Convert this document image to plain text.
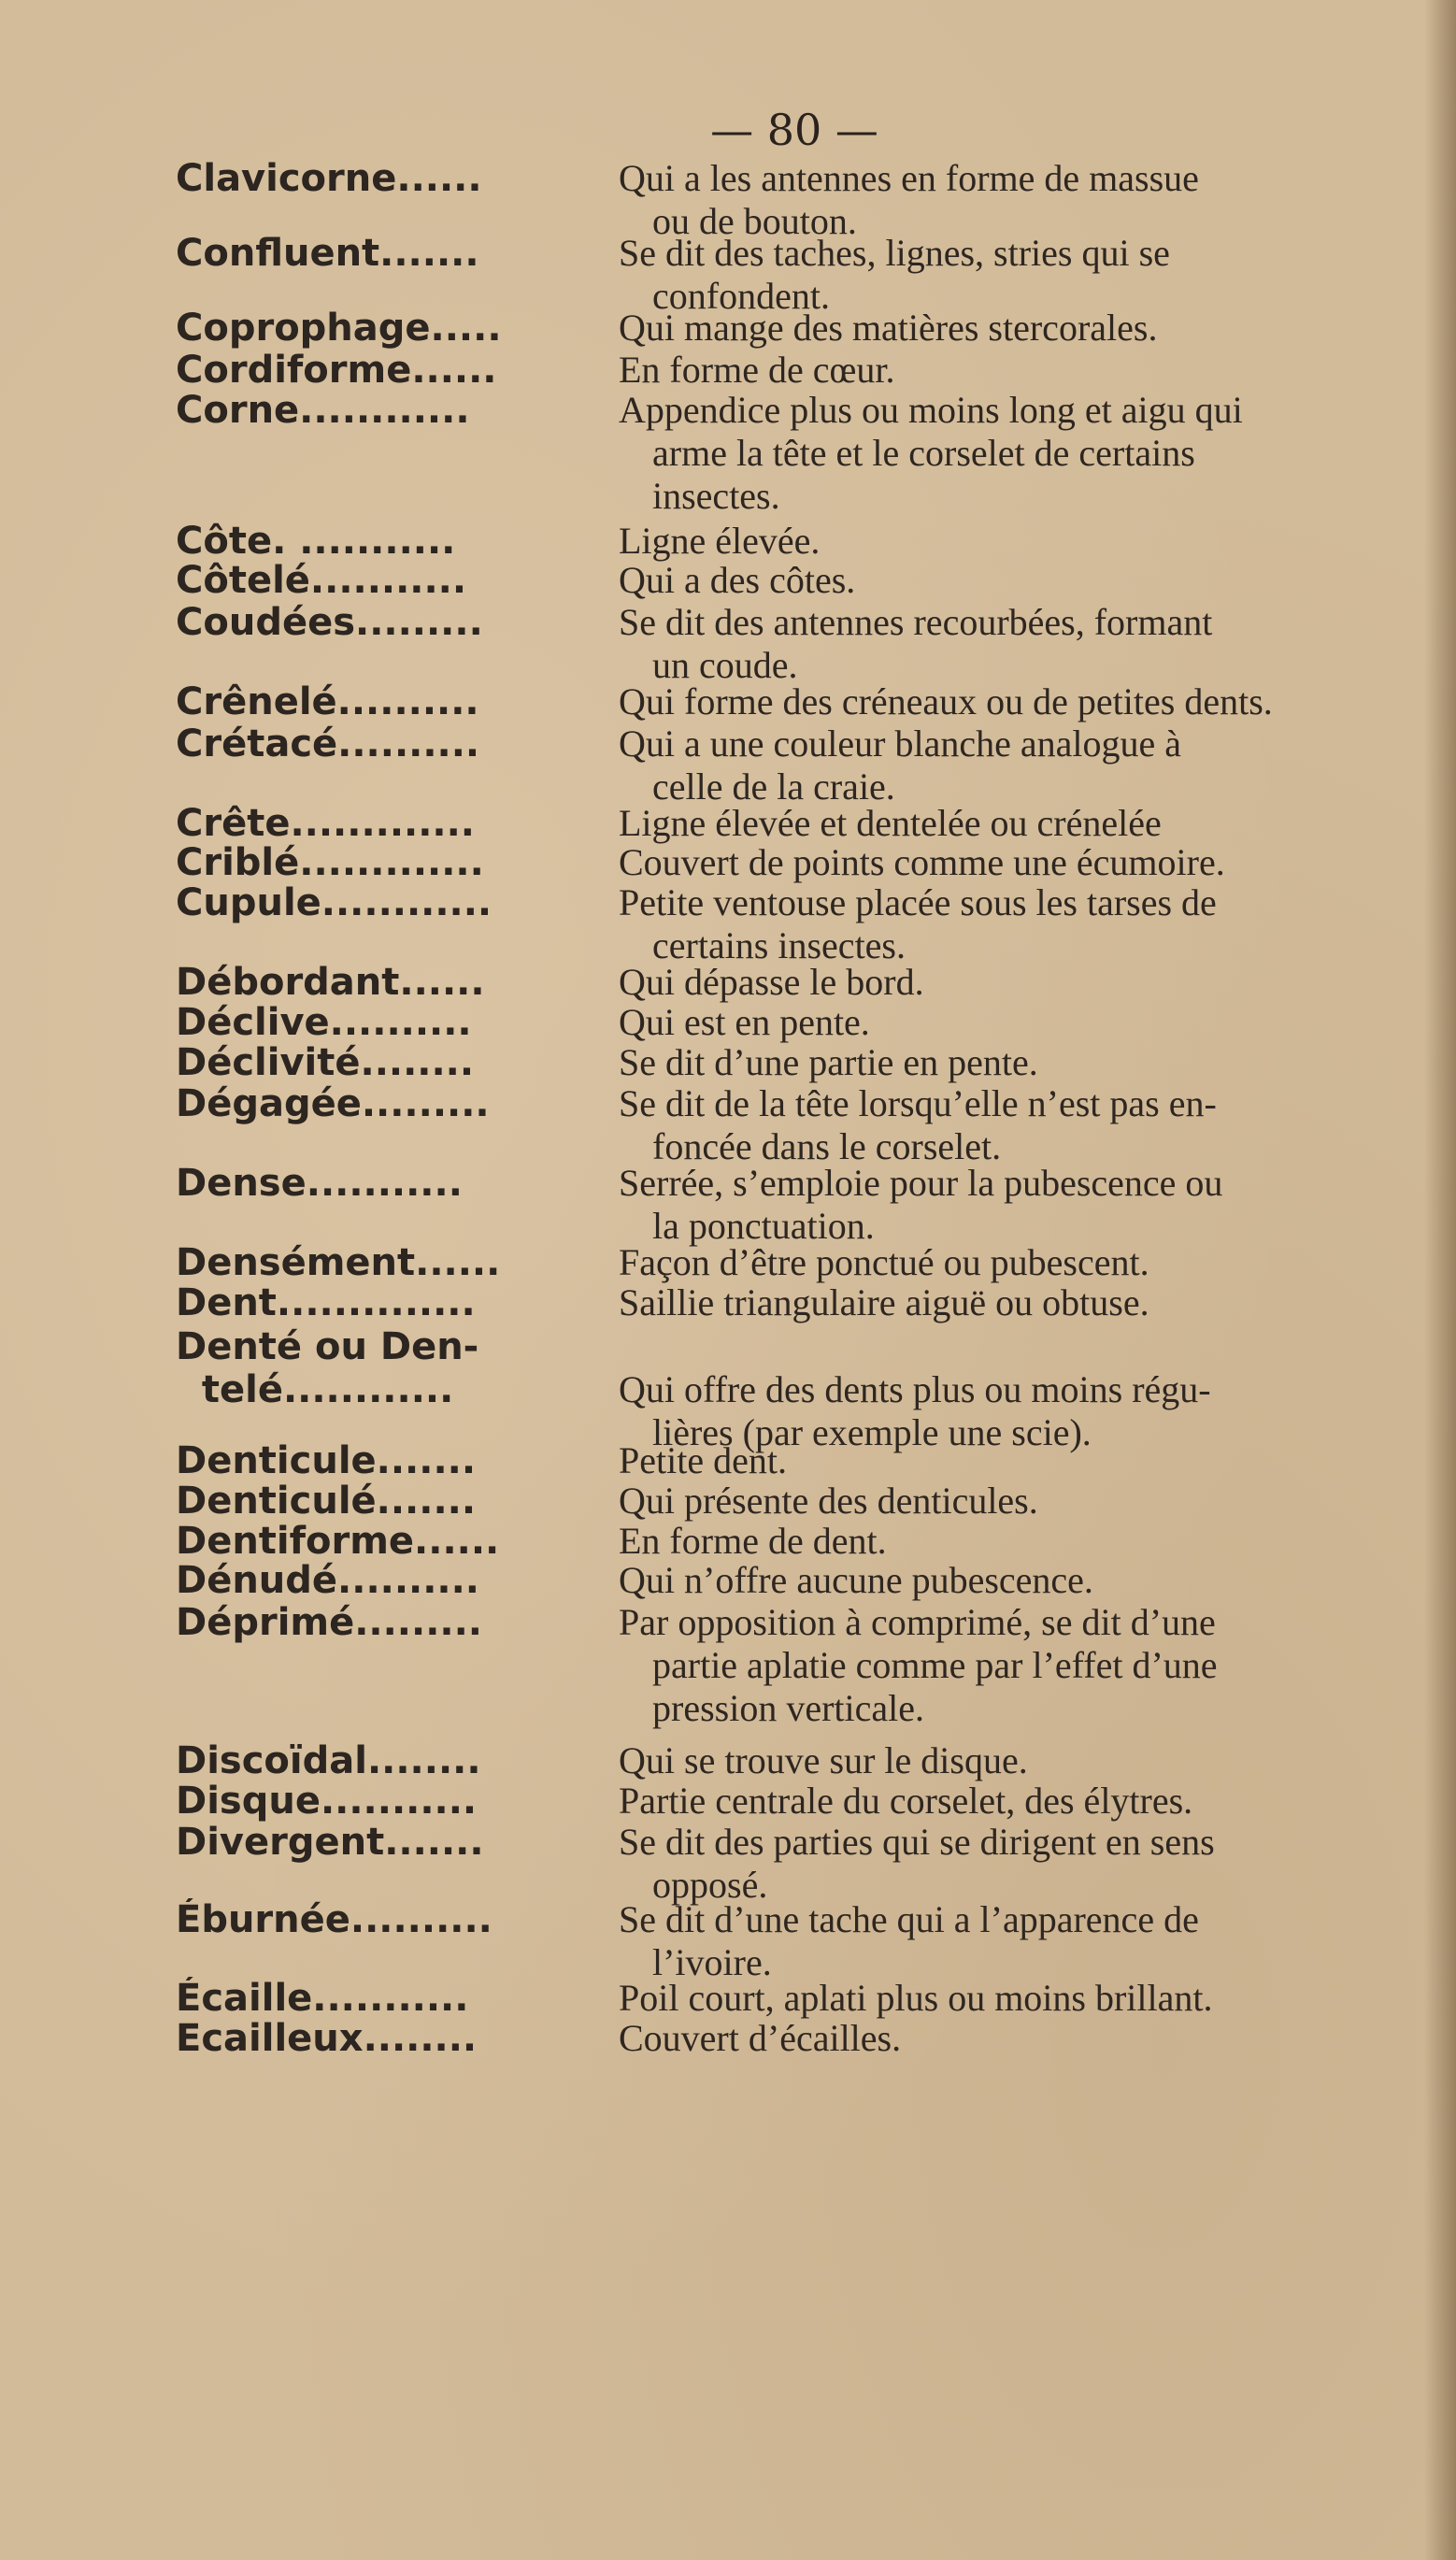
— 80 —
Clavicorne......	Qui a les antennes en forme de massue
ou de bouton.
Confluent.......	Se dit des taches, lignes, stries qui se
confondent.
Coprophage.....	Qui mange des matières stercorales.
Cordiforme......	En forme de cœur.
Corne............	Appendice plus ou moins long et aigu qui
arme la tête et le corselet de certains
insectes.
Côte. ...........	Ligne élevée.
Côtelé...........	Qui a des côtes.
Coudées.........	Se dit des antennes recourbées, formant
un coude.
Crênelé..........	Qui forme des créneaux ou de petites dents.
Crétacé..........	Qui a une couleur blanche analogue à
celle de la craie.
Crête.............	Ligne élevée et dentelée ou crénelée
Criblé.............	Couvert de points comme une écumoire.
Cupule............	Petite ventouse placée sous les tarses de
certains insectes.
Débordant......	Qui dépasse le bord.
Déclive..........	Qui est en pente.
Déclivité........	Se dit d’une partie en pente.
Dégagée.........	Se dit de la tête lorsqu’elle n’est pas en-
foncée dans le corselet.
Dense...........	Serrée, s’emploie pour la pubescence ou
la ponctuation.
Densément......	Façon d’être ponctué ou pubescent.
Dent..............	Saillie triangulaire aiguë ou obtuse.
Denté ou Den-
telé............
	Qui offre des dents plus ou moins régu-
lières (par exemple une scie).
Denticule.......	Petite dent.
Denticulé.......	Qui présente des denticules.
Dentiforme......	En forme de dent.
Dénudé..........	Qui n’offre aucune pubescence.
Déprimé.........	Par opposition à comprimé, se dit d’une
partie aplatie comme par l’effet d’une
pression verticale.
Discoïdal........	Qui se trouve sur le disque.
Disque...........	Partie centrale du corselet, des élytres.
Divergent.......	Se dit des parties qui se dirigent en sens
opposé.
Éburnée..........	Se dit d’une tache qui a l’apparence de
l’ivoire.
Écaille...........	Poil court, aplati plus ou moins brillant.
Ecailleux........	Couvert d’écailles.
